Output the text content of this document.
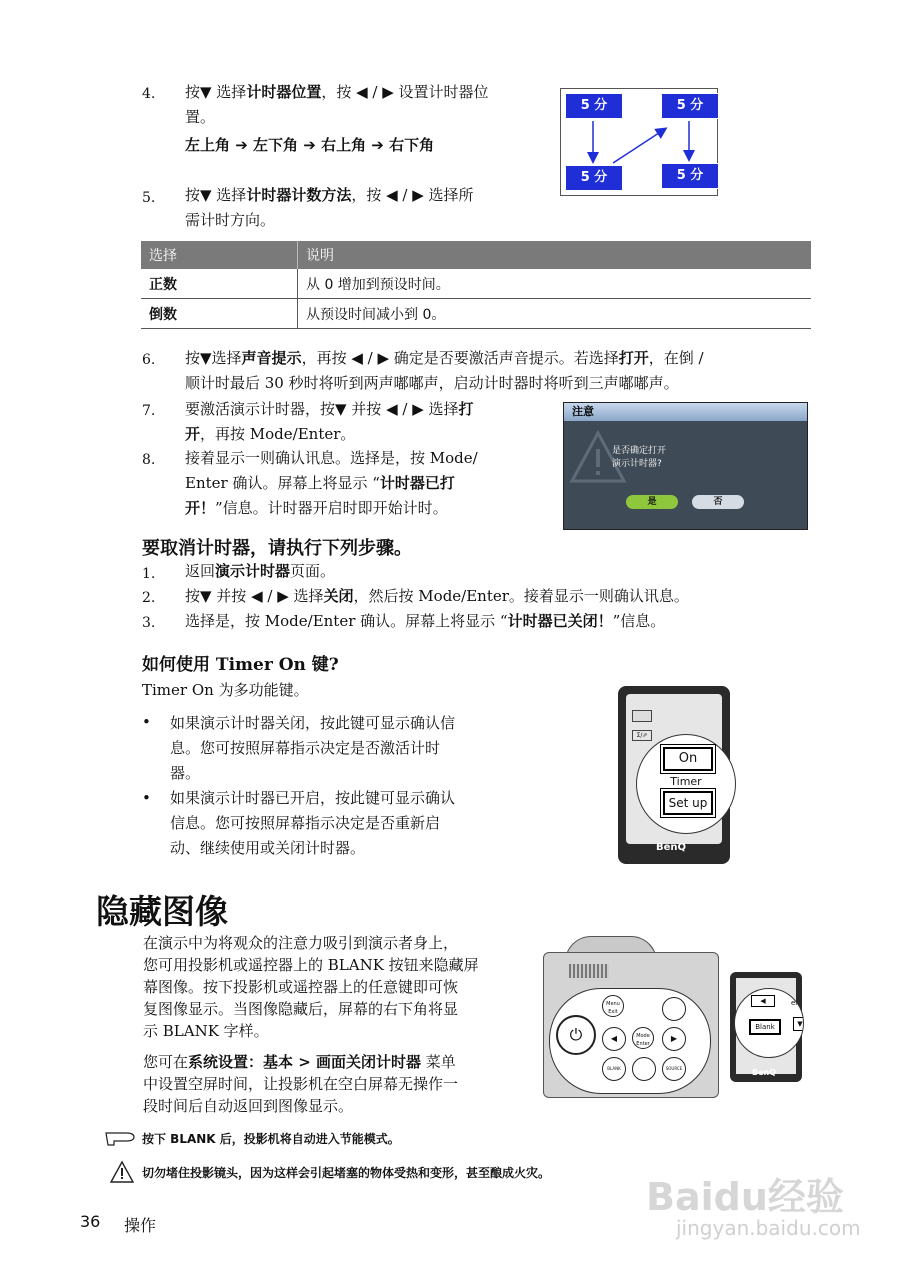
4. 按▼ 选择计时器位置，按 ◀ / ▶ 设置计时器位
置。
左上角 ➔ 左下角 ➔ 右上角 ➔ 右下角
5 分	5 分
5 分	5 分
5. 按▼ 选择计时器计数方法，按 ◀ / ▶ 选择所
需计时方向。
选择	说明
正数	从 0 增加到预设时间。
倒数	从预设时间减小到 0。
6. 按▼选择声音提示，再按 ◀ / ▶ 确定是否要激活声音提示。若选择打开，在倒 /
顺计时最后 30 秒时将听到两声嘟嘟声，启动计时器时将听到三声嘟嘟声。
7. 要激活演示计时器，按▼ 并按 ◀ / ▶ 选择打
开，再按 Mode/Enter。
8. 接着显示一则确认讯息。选择是，按 Mode/
Enter 确认。屏幕上将显示 “计时器已打
开！”信息。计时器开启时即开始计时。
注意
是否确定打开
演示计时器?
是	否
要取消计时器，请执行下列步骤。
1. 返回演示计时器页面。
2. 按▼ 并按 ◀ / ▶ 选择关闭，然后按 Mode/Enter。接着显示一则确认讯息。
3. 选择是，按 Mode/Enter 确认。屏幕上将显示 “计时器已关闭！”信息。
如何使用 Timer On 键?
Timer On 为多功能键。
• 如果演示计时器关闭，按此键可显示确认信
息。您可按照屏幕指示决定是否激活计时
器。
• 如果演示计时器已开启，按此键可显示确认
信息。您可按照屏幕指示决定是否重新启
动、继续使用或关闭计时器。
Σ/⇗
On
Timer
Set up
BenQ
隐藏图像
在演示中为将观众的注意力吸引到演示者身上，
您可用投影机或遥控器上的 BLANK 按钮来隐藏屏
幕图像。按下投影机或遥控器上的任意键即可恢
复图像显示。当图像隐藏后，屏幕的右下角将显
示 BLANK 字样。
您可在系统设置：基本 > 画面关闭计时器 菜单
中设置空屏时间，让投影机在空白屏幕无操作一
段时间后自动返回到图像显示。
⏻
Menu Exit
Mode Enter
◀	▶
BLANK	SOURCE
◀
Blank
ent
▼
BenQ
按下 BLANK 后，投影机将自动进入节能模式。
切勿堵住投影镜头，因为这样会引起堵塞的物体受热和变形，甚至酿成火灾。
36 操作
Baidu经验
jingyan.baidu.com
